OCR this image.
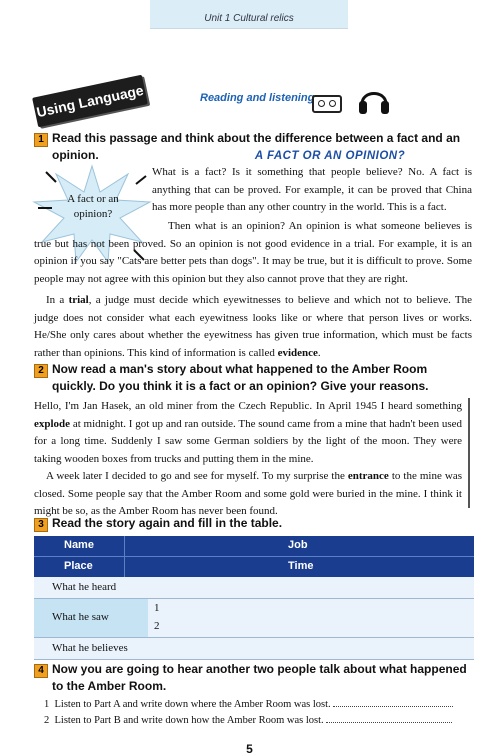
Unit 1 Cultural relics
Using Language	Reading and listening
1 Read this passage and think about the difference between a fact and an opinion.	A FACT OR AN OPINION?
A fact or an opinion?
What is a fact? Is it something that people believe? No. A fact is anything that can be proved. For example, it can be proved that China has more people than any other country in the world. This is a fact.
Then what is an opinion? An opinion is what someone believes is true but has not been proved. So an opinion is not good evidence in a trial. For example, it is an opinion if you say "Cats are better pets than dogs". It may be true, but it is difficult to prove. Some people may not agree with this opinion but they also cannot prove that they are right.
In a trial, a judge must decide which eyewitnesses to believe and which not to believe. The judge does not consider what each eyewitness looks like or where that person lives or works. He/She only cares about whether the eyewitness has given true information, which must be facts rather than opinions. This kind of information is called evidence.
2 Now read a man's story about what happened to the Amber Room quickly. Do you think it is a fact or an opinion? Give your reasons.
Hello, I'm Jan Hasek, an old miner from the Czech Republic. In April 1945 I heard something explode at midnight. I got up and ran outside. The sound came from a mine that hadn't been used for a long time. Suddenly I saw some German soldiers by the light of the moon. They were taking wooden boxes from trucks and putting them in the mine.
A week later I decided to go and see for myself. To my surprise the entrance to the mine was closed. Some people say that the Amber Room and some gold were buried in the mine. I think it might be so, as the Amber Room has never been found.
3 Read the story again and fill in the table.
Name	Job
Place	Time
What he heard
What he saw
1
2
What he believes
4 Now you are going to hear another two people talk about what happened to the Amber Room.
1 Listen to Part A and write down where the Amber Room was lost.
2 Listen to Part B and write down how the Amber Room was lost.
5
